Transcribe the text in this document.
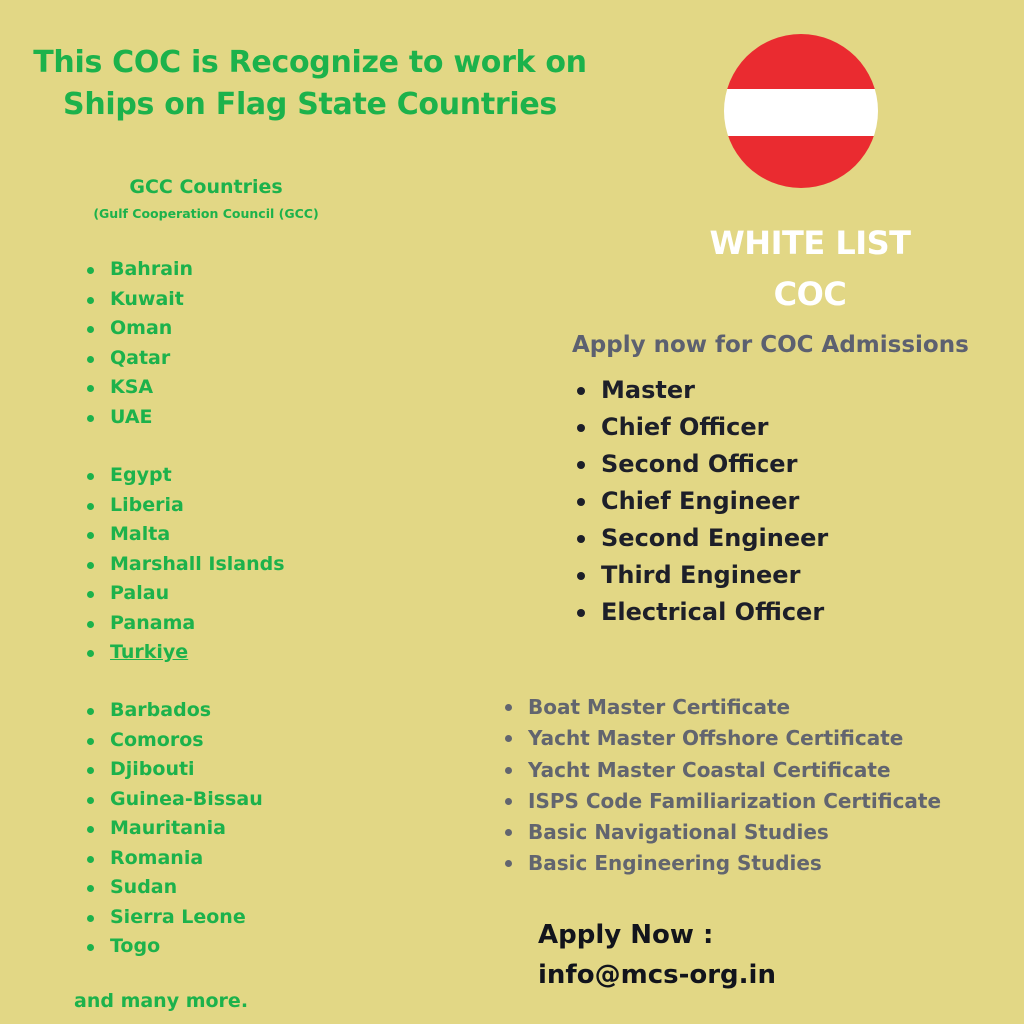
This COC is Recognize to work on
Ships on Flag State Countries
GCC Countries
(Gulf Cooperation Council (GCC)
Bahrain
Kuwait
Oman
Qatar
KSA
UAE
Egypt
Liberia
Malta
Marshall Islands
Palau
Panama
Turkiye
Barbados
Comoros
Djibouti
Guinea-Bissau
Mauritania
Romania
Sudan
Sierra Leone
Togo
and many more.
WHITE LIST
COC
Apply now for COC Admissions
Master
Chief Officer
Second Officer
Chief Engineer
Second Engineer
Third Engineer
Electrical Officer
Boat Master Certificate
Yacht Master Offshore Certificate
Yacht Master Coastal Certificate
ISPS Code Familiarization Certificate
Basic Navigational Studies
Basic Engineering Studies
Apply Now :
info@mcs-org.in
